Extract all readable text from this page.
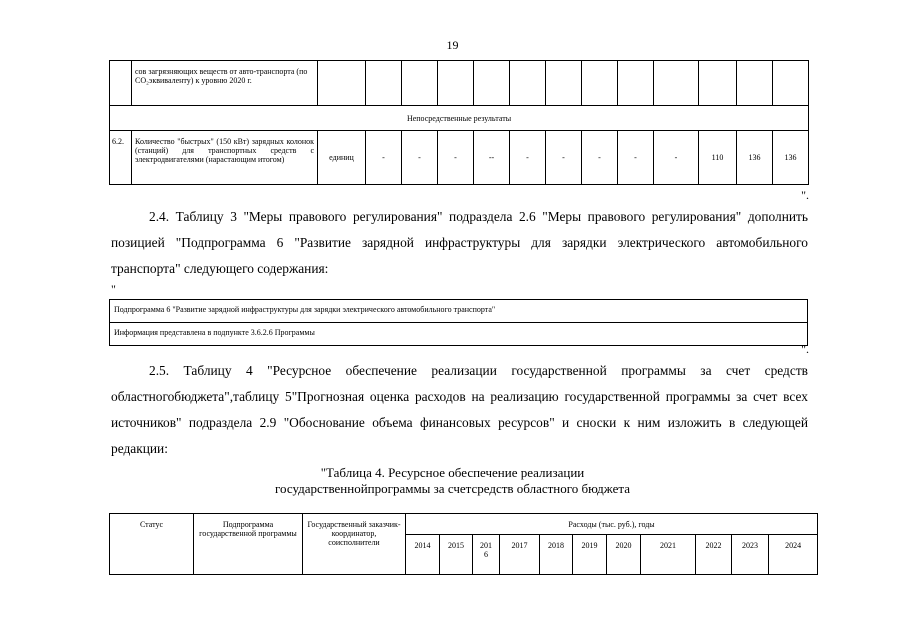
19
	сов загрязняющих веществ от авто-транспорта (по CO₂эквиваленту) к уровню 2020 г.													
Непосредственные результаты														
6.2.	Количество "быстрых" (150 кВт) зарядных колонок (станций) для транспортных средств с электродвигателями (нарастающим итогом)	единиц	-	-	-	--	-	-	-	-	-	110	136	136
".
2.4. Таблицу 3 "Меры правового регулирования" подраздела 2.6 "Меры правового регулирования" дополнить позицией "Подпрограмма 6 "Развитие зарядной инфраструктуры для зарядки электрического автомобильного транспорта" следующего содержания:
"
Подпрограмма 6 "Развитие зарядной инфраструктуры для зарядки электрического автомобильного транспорта"
Информация представлена в подпункте 3.6.2.6 Программы
".
2.5. Таблицу 4 "Ресурсное обеспечение реализации государственной программы за счет средств областногобюджета",таблицу 5"Прогнозная оценка расходов на реализацию государственной программы за счет всех источников" подраздела 2.9 "Обоснование объема финансовых ресурсов" и сноски к ним изложить в следующей редакции:
"Таблица 4. Ресурсное обеспечение реализации
государственнойпрограммы за счетсредств областного бюджета
Статус	Подпрограмма государственной программы	Государственный заказчик-координатор, соисполнители	Расходы (тыс. руб.), годы										
			2014	2015	2016	2017	2018	2019	2020	2021	2022	2023	2024
